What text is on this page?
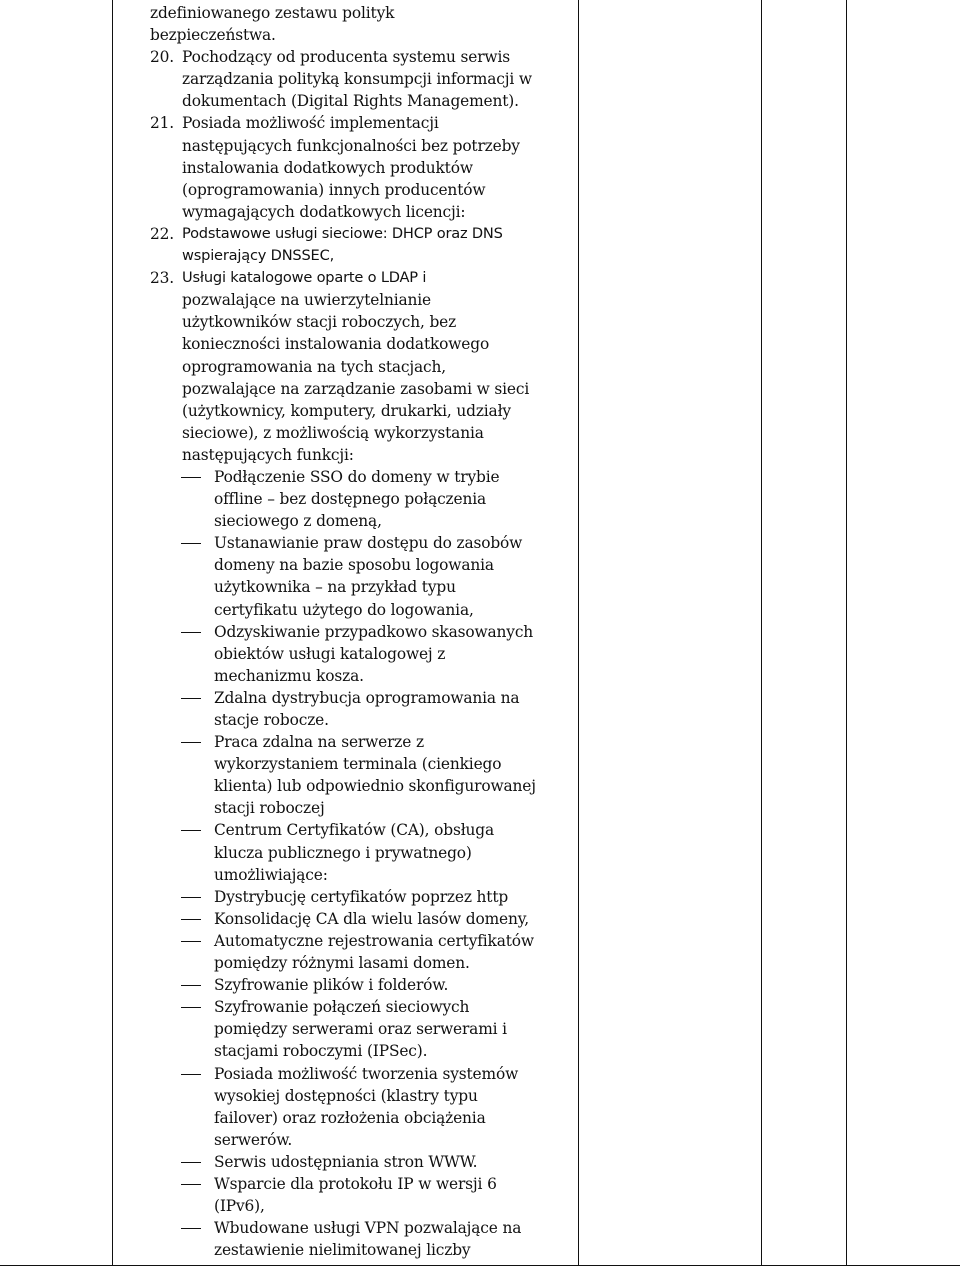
zdefiniowanego zestawu polityk
bezpieczeństwa.
20. Pochodzący od producenta systemu serwis
zarządzania polityką konsumpcji informacji w
dokumentach (Digital Rights Management).
21. Posiada możliwość implementacji
następujących funkcjonalności bez potrzeby
instalowania dodatkowych produktów
(oprogramowania) innych producentów
wymagających dodatkowych licencji:
22. Podstawowe usługi sieciowe: DHCP oraz DNS
wspierający DNSSEC,
23. Usługi katalogowe oparte o LDAP i
pozwalające na uwierzytelnianie
użytkowników stacji roboczych, bez
konieczności instalowania dodatkowego
oprogramowania na tych stacjach,
pozwalające na zarządzanie zasobami w sieci
(użytkownicy, komputery, drukarki, udziały
sieciowe), z możliwością wykorzystania
następujących funkcji:
Podłączenie SSO do domeny w trybie
offline – bez dostępnego połączenia
sieciowego z domeną,
Ustanawianie praw dostępu do zasobów
domeny na bazie sposobu logowania
użytkownika – na przykład typu
certyfikatu użytego do logowania,
Odzyskiwanie przypadkowo skasowanych
obiektów usługi katalogowej z
mechanizmu kosza.
Zdalna dystrybucja oprogramowania na
stacje robocze.
Praca zdalna na serwerze z
wykorzystaniem terminala (cienkiego
klienta) lub odpowiednio skonfigurowanej
stacji roboczej
Centrum Certyfikatów (CA), obsługa
klucza publicznego i prywatnego)
umożliwiające:
Dystrybucję certyfikatów poprzez http
Konsolidację CA dla wielu lasów domeny,
Automatyczne rejestrowania certyfikatów
pomiędzy różnymi lasami domen.
Szyfrowanie plików i folderów.
Szyfrowanie połączeń sieciowych
pomiędzy serwerami oraz serwerami i
stacjami roboczymi (IPSec).
Posiada możliwość tworzenia systemów
wysokiej dostępności (klastry typu
failover) oraz rozłożenia obciążenia
serwerów.
Serwis udostępniania stron WWW.
Wsparcie dla protokołu IP w wersji 6
(IPv6),
Wbudowane usługi VPN pozwalające na
zestawienie nielimitowanej liczby
